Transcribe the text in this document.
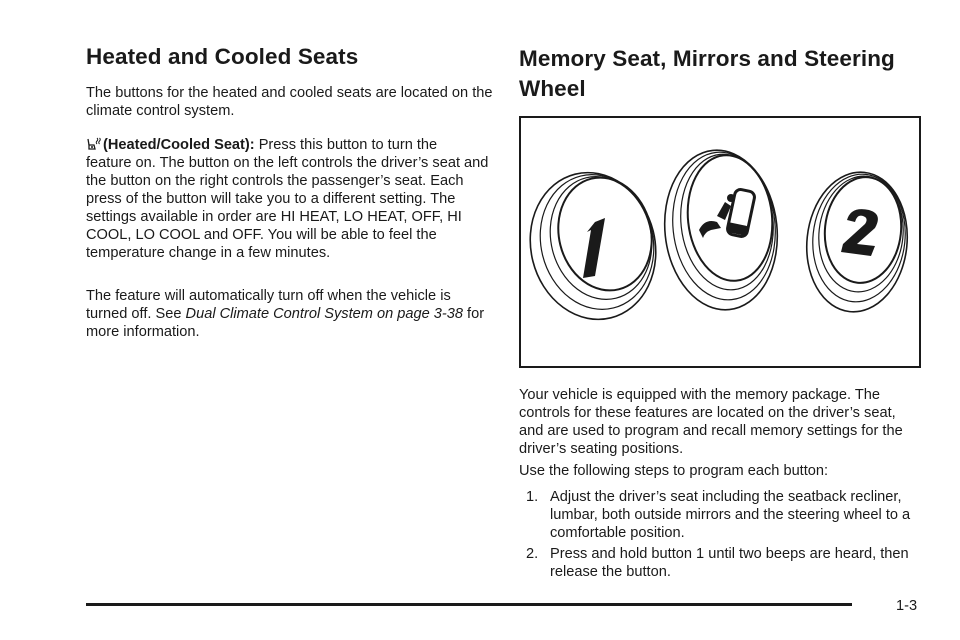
Heated and Cooled Seats

The buttons for the heated and cooled seats are located on the climate control system.

(Heated/Cooled Seat): Press this button to turn the

feature on. The button on the left controls the driver’s seat and the button on the right controls the passenger’s seat. Each press of the button will take you to a different setting. The settings available in order are HI HEAT, LO HEAT, OFF, HI COOL, LO COOL and OFF. You will be able to feel the temperature change in a few minutes.

The feature will automatically turn off when the vehicle is turned off. See Dual Climate Control System on page 3-38 for more information.

Memory Seat, Mirrors and Steering Wheel

Your vehicle is equipped with the memory package. The controls for these features are located on the driver’s seat, and are used to program and recall memory settings for the driver’s seating positions.

Use the following steps to program each button:

1. Adjust the driver’s seat including the seatback recliner, lumbar, both outside mirrors and the steering wheel to a comfortable position.
2. Press and hold button 1 until two beeps are heard, then release the button.
1-3
